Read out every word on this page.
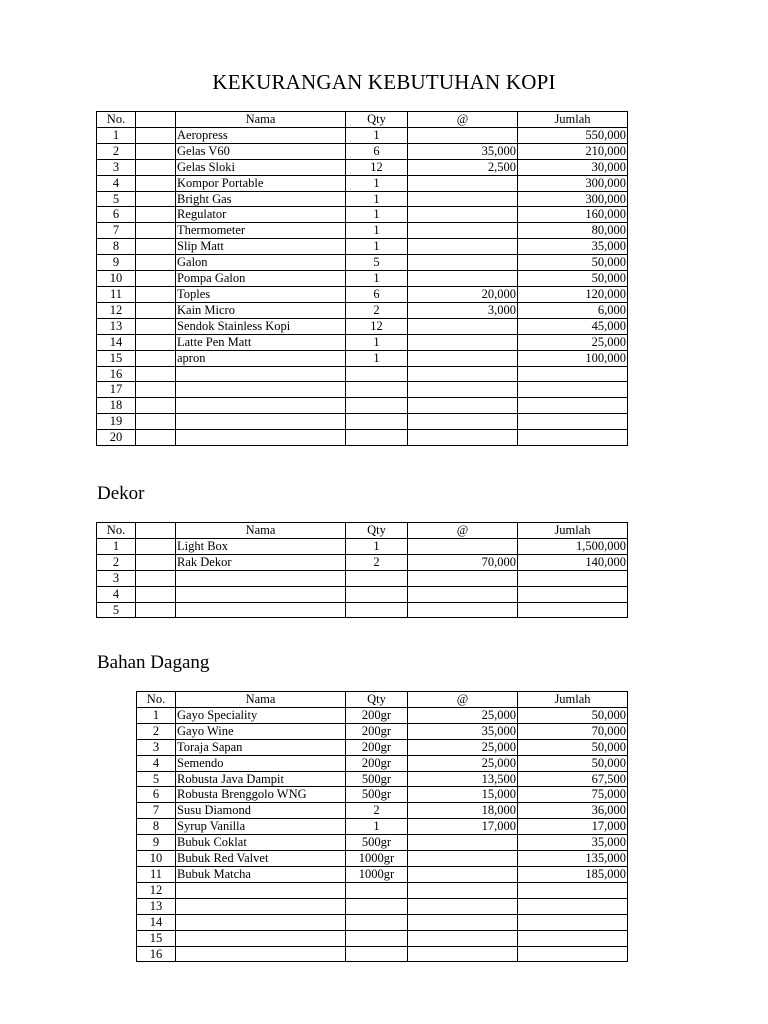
KEKURANGAN KEBUTUHAN KOPI
No.		Nama	Qty	@	Jumlah
1		Aeropress	1		550,000
2		Gelas V60	6	35,000	210,000
3		Gelas Sloki	12	2,500	30,000
4		Kompor Portable	1		300,000
5		Bright Gas	1		300,000
6		Regulator	1		160,000
7		Thermometer	1		80,000
8		Slip Matt	1		35,000
9		Galon	5		50,000
10		Pompa Galon	1		50,000
11		Toples	6	20,000	120,000
12		Kain Micro	2	3,000	6,000
13		Sendok Stainless Kopi	12		45,000
14		Latte Pen Matt	1		25,000
15		apron	1		100,000
16					
17					
18					
19					
20					
Dekor
No.		Nama	Qty	@	Jumlah
1		Light Box	1		1,500,000
2		Rak Dekor	2	70,000	140,000
3					
4					
5					
Bahan Dagang
No.	Nama	Qty	@	Jumlah
1	Gayo Speciality	200gr	25,000	50,000
2	Gayo Wine	200gr	35,000	70,000
3	Toraja Sapan	200gr	25,000	50,000
4	Semendo	200gr	25,000	50,000
5	Robusta Java Dampit	500gr	13,500	67,500
6	Robusta Brenggolo WNG	500gr	15,000	75,000
7	Susu Diamond	2	18,000	36,000
8	Syrup Vanilla	1	17,000	17,000
9	Bubuk Coklat	500gr		35,000
10	Bubuk Red Valvet	1000gr		135,000
11	Bubuk Matcha	1000gr		185,000
12				
13				
14				
15				
16				
